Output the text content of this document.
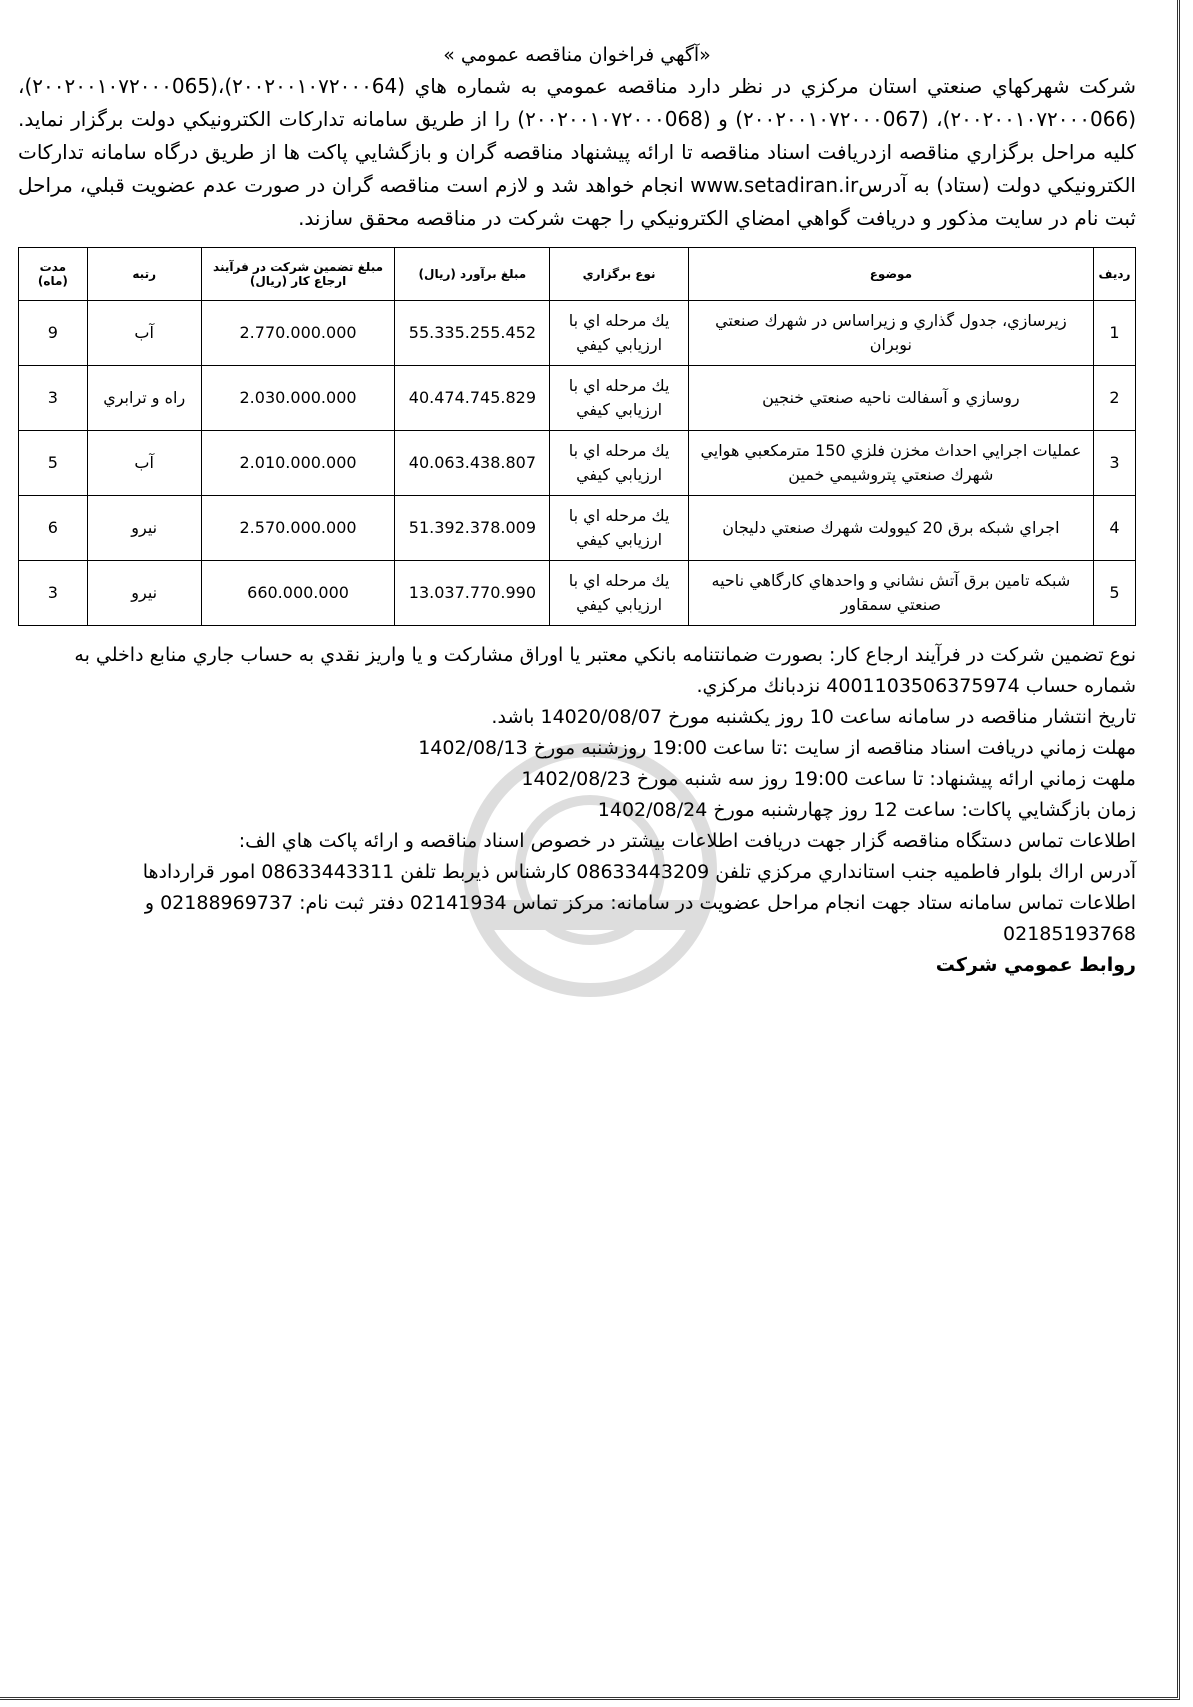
«آگهي فراخوان مناقصه عمومي »
شركت شهركهاي صنعتي استان مركزي در نظر دارد مناقصه عمومي به شماره هاي (۲۰۰۲۰۰۱۰۷۲۰۰۰64)،(۲۰۰۲۰۰۱۰۷۲۰۰۰065)، (۲۰۰۲۰۰۱۰۷۲۰۰۰066)، (۲۰۰۲۰۰۱۰۷۲۰۰۰067) و (۲۰۰۲۰۰۱۰۷۲۰۰۰068) را از طريق سامانه تداركات الكترونيكي دولت برگزار نمايد. كليه مراحل برگزاري مناقصه ازدريافت اسناد مناقصه تا ارائه پيشنهاد مناقصه گران و بازگشايي پاكت ها از طريق درگاه سامانه تداركات الكترونيكي دولت (ستاد) به آدرسwww.setadiran.ir انجام خواهد شد و لازم است مناقصه گران در صورت عدم عضويت قبلي، مراحل ثبت نام در سايت مذكور و دريافت گواهي امضاي الكترونيكي را جهت شركت در مناقصه محقق سازند.
رديف	موضوع	نوع برگزاري	مبلغ برآورد (ريال)	مبلغ تضمين شركت در فرآيند ارجاع كار (ريال)	رتبه	مدت (ماه)
1	زيرسازي، جدول گذاري و زيراساس در شهرك صنعتي نوبران	يك مرحله اي با ارزيابي كيفي	55.335.255.452	2.770.000.000	آب	9
2	روسازي و آسفالت ناحيه صنعتي خنجين	يك مرحله اي با ارزيابي كيفي	40.474.745.829	2.030.000.000	راه و ترابري	3
3	عمليات اجرايي احداث مخزن فلزي 150 مترمكعبي هوايي شهرك صنعتي پتروشيمي خمين	يك مرحله اي با ارزيابي كيفي	40.063.438.807	2.010.000.000	آب	5
4	اجراي شبكه برق 20 كيوولت شهرك صنعتي دليجان	يك مرحله اي با ارزيابي كيفي	51.392.378.009	2.570.000.000	نيرو	6
5	شبكه تامين برق آتش نشاني و واحدهاي كارگاهي ناحيه صنعتي سمقاور	يك مرحله اي با ارزيابي كيفي	13.037.770.990	660.000.000	نيرو	3

نوع تضمين شركت در فرآيند ارجاع كار: بصورت ضمانتنامه بانكي معتبر يا اوراق مشاركت و يا واريز نقدي به حساب جاري منابع داخلي به شماره حساب 4001103506375974 نزدبانك مركزي.

تاريخ انتشار مناقصه در سامانه ساعت 10 روز يكشنبه مورخ 14020/08/07 باشد.

مهلت زماني دريافت اسناد مناقصه از سايت :تا ساعت 19:00 روزشنبه مورخ 1402/08/13

ملهت زماني ارائه پيشنهاد: تا ساعت 19:00 روز سه شنبه مورخ 1402/08/23

زمان بازگشايي پاكات: ساعت 12 روز چهارشنبه مورخ 1402/08/24

اطلاعات تماس دستگاه مناقصه گزار جهت دريافت اطلاعات بيشتر در خصوص اسناد مناقصه و ارائه پاكت هاي الف:

آدرس اراك بلوار فاطميه جنب استانداري مركزي تلفن 08633443209 كارشناس ذيربط تلفن 08633443311 امور قراردادها

اطلاعات تماس سامانه ستاد جهت انجام مراحل عضويت در سامانه: مركز تماس 02141934 دفتر ثبت نام: 02188969737 و 02185193768

روابط عمومي شركت
